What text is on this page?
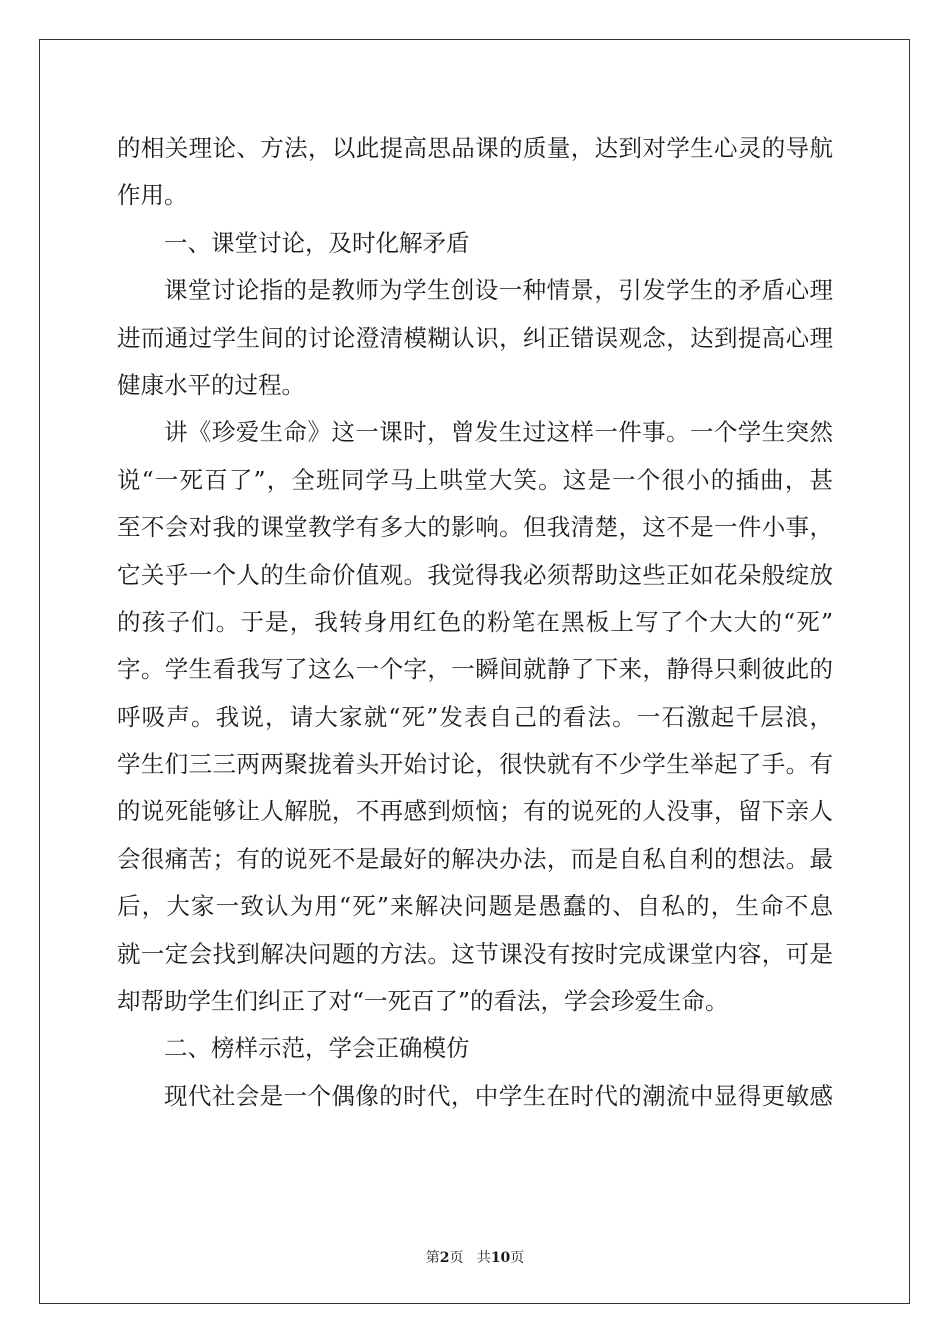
的相关理论、方法，以此提高思品课的质量，达到对学生心灵的导航
作用。
一、课堂讨论，及时化解矛盾
课堂讨论指的是教师为学生创设一种情景，引发学生的矛盾心理
进而通过学生间的讨论澄清模糊认识，纠正错误观念，达到提高心理
健康水平的过程。
讲《珍爱生命》这一课时，曾发生过这样一件事。一个学生突然
说“一死百了”，全班同学马上哄堂大笑。这是一个很小的插曲，甚
至不会对我的课堂教学有多大的影响。但我清楚，这不是一件小事，
它关乎一个人的生命价值观。我觉得我必须帮助这些正如花朵般绽放
的孩子们。于是，我转身用红色的粉笔在黑板上写了个大大的“死”
字。学生看我写了这么一个字，一瞬间就静了下来，静得只剩彼此的
呼吸声。我说，请大家就“死”发表自己的看法。一石激起千层浪，
学生们三三两两聚拢着头开始讨论，很快就有不少学生举起了手。有
的说死能够让人解脱，不再感到烦恼；有的说死的人没事，留下亲人
会很痛苦；有的说死不是最好的解决办法，而是自私自利的想法。最
后，大家一致认为用“死”来解决问题是愚蠢的、自私的，生命不息
就一定会找到解决问题的方法。这节课没有按时完成课堂内容，可是
却帮助学生们纠正了对“一死百了”的看法，学会珍爱生命。
二、榜样示范，学会正确模仿
现代社会是一个偶像的时代，中学生在时代的潮流中显得更敏感
第2页 共10页
